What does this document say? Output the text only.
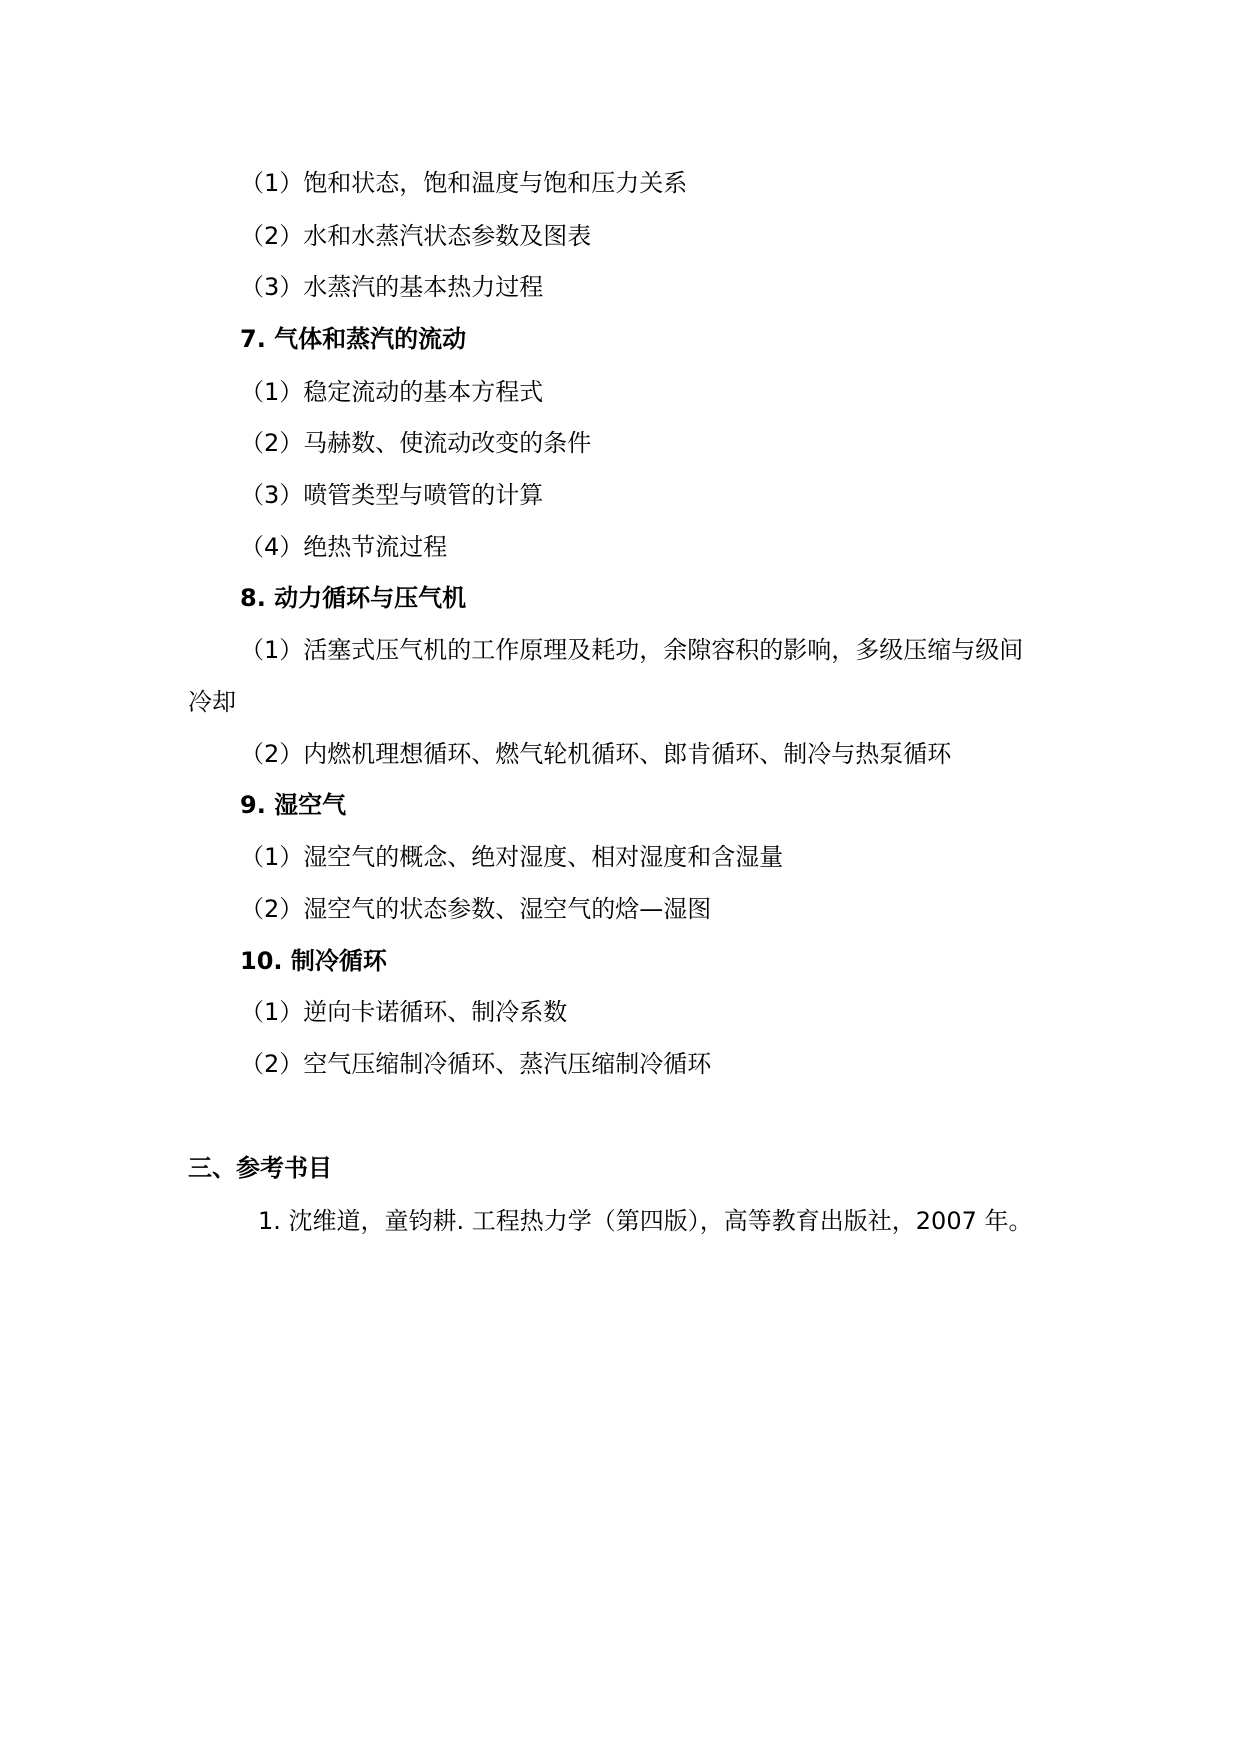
（1）饱和状态，饱和温度与饱和压力关系
（2）水和水蒸汽状态参数及图表
（3）水蒸汽的基本热力过程
7. 气体和蒸汽的流动
（1）稳定流动的基本方程式
（2）马赫数、使流动改变的条件
（3）喷管类型与喷管的计算
（4）绝热节流过程
8. 动力循环与压气机
（1）活塞式压气机的工作原理及耗功，余隙容积的影响，多级压缩与级间
冷却
（2）内燃机理想循环、燃气轮机循环、郎肯循环、制冷与热泵循环
9. 湿空气
（1）湿空气的概念、绝对湿度、相对湿度和含湿量
（2）湿空气的状态参数、湿空气的焓—湿图
10. 制冷循环
（1）逆向卡诺循环、制冷系数
（2）空气压缩制冷循环、蒸汽压缩制冷循环
三、参考书目
1. 沈维道，童钧耕. 工程热力学（第四版），高等教育出版社，2007 年。
